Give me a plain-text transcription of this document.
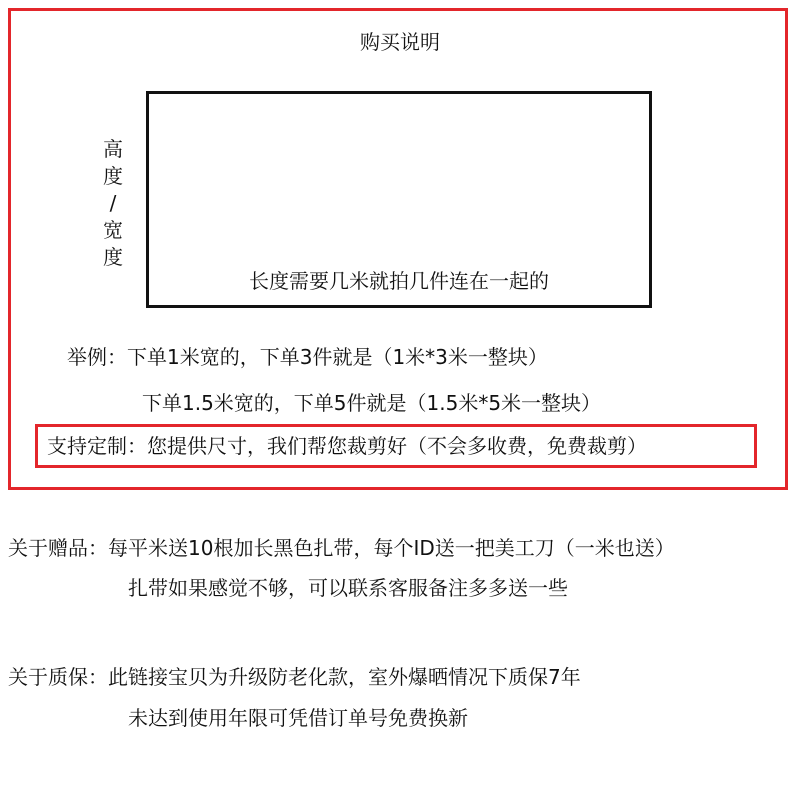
购买说明
高
度
/
宽
度
长度需要几米就拍几件连在一起的
举例：下单1米宽的，下单3件就是（1米*3米一整块）
下单1.5米宽的，下单5件就是（1.5米*5米一整块）
支持定制：您提供尺寸，我们帮您裁剪好（不会多收费，免费裁剪）
关于赠品：每平米送10根加长黑色扎带，每个ID送一把美工刀（一米也送）
扎带如果感觉不够，可以联系客服备注多多送一些
关于质保：此链接宝贝为升级防老化款，室外爆晒情况下质保7年
未达到使用年限可凭借订单号免费换新
